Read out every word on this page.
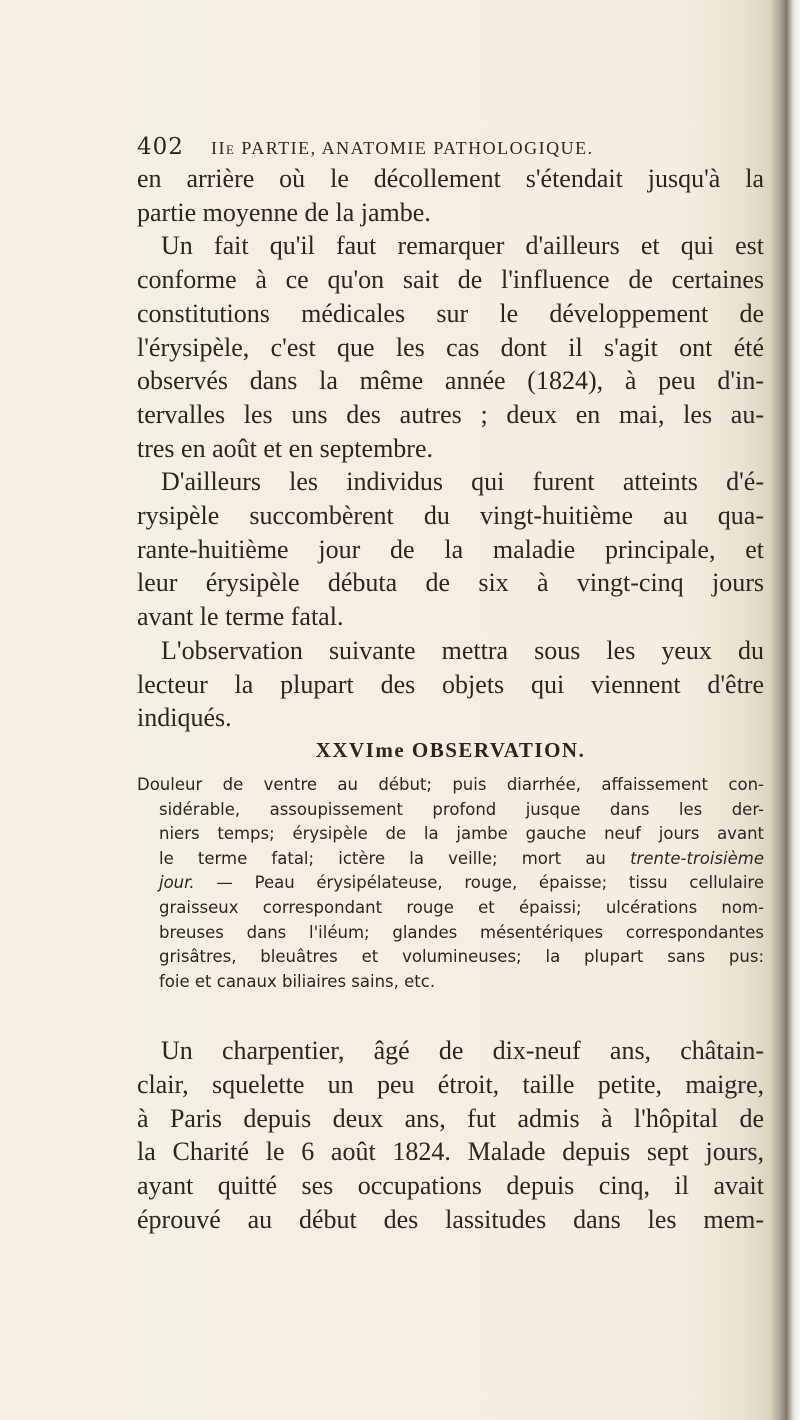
402 IIe PARTIE, ANATOMIE PATHOLOGIQUE.
en arrière où le décollement s'étendait jusqu'à la
partie moyenne de la jambe.
Un fait qu'il faut remarquer d'ailleurs et qui est
conforme à ce qu'on sait de l'influence de certaines
constitutions médicales sur le développement de
l'érysipèle, c'est que les cas dont il s'agit ont été
observés dans la même année (1824), à peu d'in-
tervalles les uns des autres ; deux en mai, les au-
tres en août et en septembre.
D'ailleurs les individus qui furent atteints d'é-
rysipèle succombèrent du vingt-huitième au qua-
rante-huitième jour de la maladie principale, et
leur érysipèle débuta de six à vingt-cinq jours
avant le terme fatal.
L'observation suivante mettra sous les yeux du
lecteur la plupart des objets qui viennent d'être
indiqués.
XXVIme OBSERVATION.
Douleur de ventre au début; puis diarrhée, affaissement con-
sidérable, assoupissement profond jusque dans les der-
niers temps; érysipèle de la jambe gauche neuf jours avant
le terme fatal; ictère la veille; mort au trente-troisième
jour. — Peau érysipélateuse, rouge, épaisse; tissu cellulaire
graisseux correspondant rouge et épaissi; ulcérations nom-
breuses dans l'iléum; glandes mésentériques correspondantes
grisâtres, bleuâtres et volumineuses; la plupart sans pus:
foie et canaux biliaires sains, etc.
Un charpentier, âgé de dix-neuf ans, châtain-
clair, squelette un peu étroit, taille petite, maigre,
à Paris depuis deux ans, fut admis à l'hôpital de
la Charité le 6 août 1824. Malade depuis sept jours,
ayant quitté ses occupations depuis cinq, il avait
éprouvé au début des lassitudes dans les mem-
